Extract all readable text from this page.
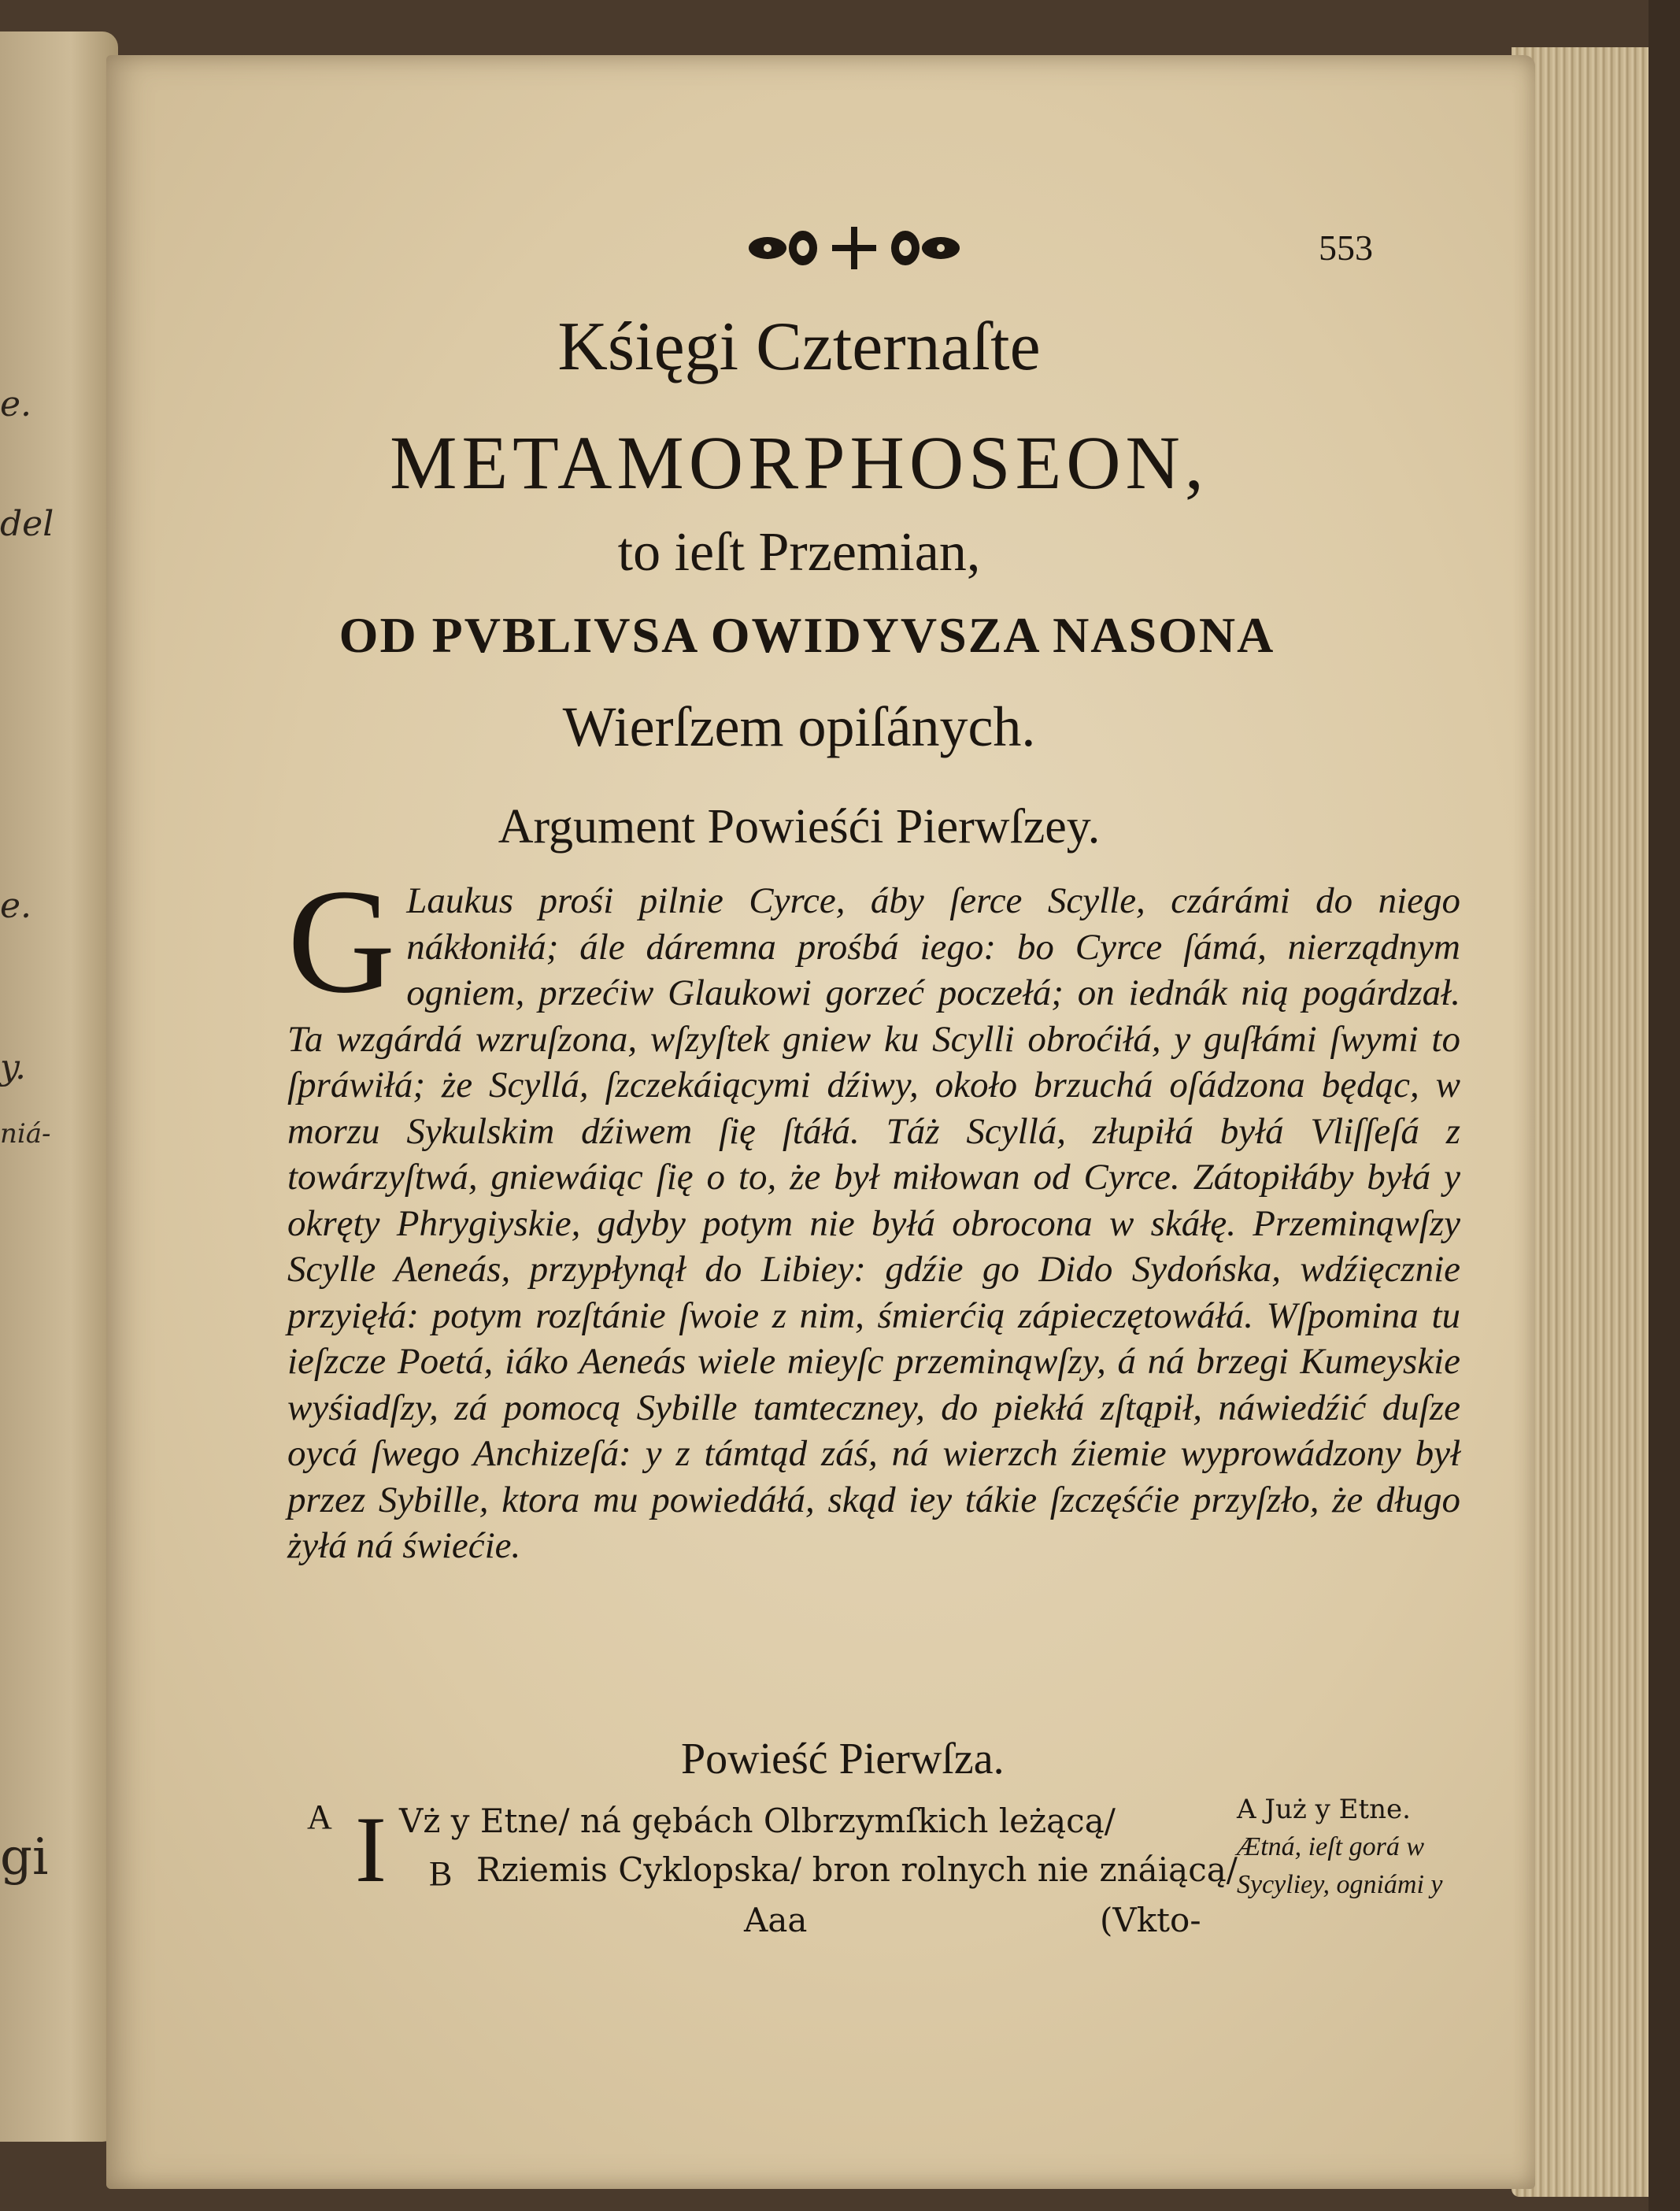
e.
del
e.
y.
niá-
gi
553
Kśięgi Czternaſte
METAMORPHOSEON,
to ieſt Przemian,
OD PVBLIVSA OWIDYVSZA NASONA
Wierſzem opiſánych.
Argument Powieśći Pierwſzey.

G Laukus prośi pilnie Cyrce, áby ſerce Scylle, czárámi do niego nákłoniłá; ále dáremna prośbá iego: bo Cyrce ſámá, nierządnym ogniem, przećiw Glaukowi gorzeć poczełá; on iednák nią pogárdzał. Ta wzgárdá wzruſzona, wſzyſtek gniew ku Scylli obroćiłá, y guſłámi ſwymi to ſpráwiłá; że Scyllá, ſzczekáiącymi dźiwy, około brzuchá oſádzona będąc, w morzu Sykulskim dźiwem ſię ſtáłá. Táż Scyllá, złupiłá byłá Vliſſeſá z towárzyſtwá, gniewáiąc ſię o to, że był miłowan od Cyrce. Zátopiłáby byłá y okręty Phrygiyskie, gdyby potym nie byłá obrocona w skáłę. Przeminąwſzy Scylle Aeneás, przypłynął do Libiey: gdźie go Dido Sydońska, wdźięcznie przyięłá: potym rozſtánie ſwoie z nim, śmierćią zápieczętowáłá. Wſpomina tu ieſzcze Poetá, iáko Aeneás wiele mieyſc przeminąwſzy, á ná brzegi Kumeyskie wyśiadſzy, zá pomocą Sybille tamteczney, do piekłá zſtąpił, náwiedźić duſze oycá ſwego Anchizeſá: y z támtąd záś, ná wierzch źiemie wyprowádzony był przez Sybille, ktora mu powiedáłá, skąd iey tákie ſzczęśćie przyſzło, że długo żyłá ná świećie.

Powieść Pierwſza.
A I Vż y Etne/ ná gębách Olbrzymſkich leżącą/
B Rziemis Cyklopska/ bron rolnych nie znáiącą/
Aaa	(Vkto-
A Już y Etne.
Ætná, ieſt gorá w
Sycyliey, ogniámi y
